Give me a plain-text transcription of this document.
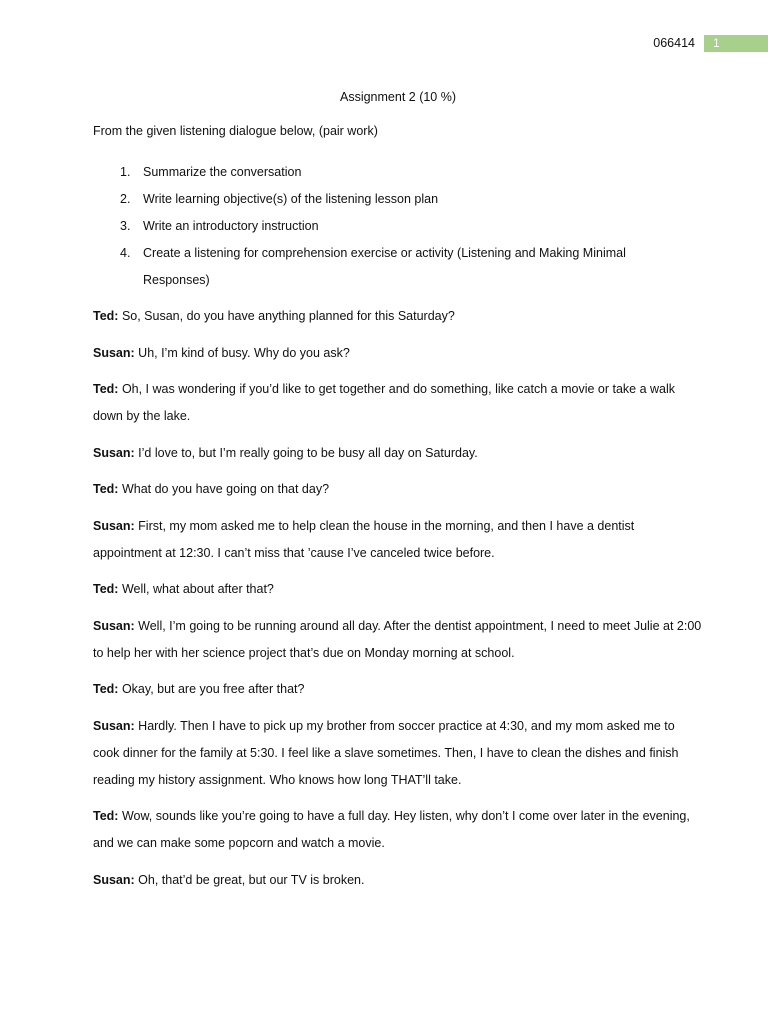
066414	1
Assignment 2 (10 %)
From the given listening dialogue below, (pair work)
1. Summarize the conversation
2. Write learning objective(s) of the listening lesson plan
3. Write an introductory instruction
4. Create a listening for comprehension exercise or activity (Listening and Making Minimal Responses)

Ted: So, Susan, do you have anything planned for this Saturday?

Susan: Uh, I’m kind of busy. Why do you ask?

Ted: Oh, I was wondering if you’d like to get together and do something, like catch a movie or take a walk down by the lake.

Susan: I’d love to, but I’m really going to be busy all day on Saturday.

Ted: What do you have going on that day?

Susan: First, my mom asked me to help clean the house in the morning, and then I have a dentist appointment at 12:30. I can’t miss that ’cause I’ve canceled twice before.

Ted: Well, what about after that?

Susan: Well, I’m going to be running around all day. After the dentist appointment, I need to meet Julie at 2:00 to help her with her science project that’s due on Monday morning at school.

Ted: Okay, but are you free after that?

Susan: Hardly. Then I have to pick up my brother from soccer practice at 4:30, and my mom asked me to cook dinner for the family at 5:30. I feel like a slave sometimes. Then, I have to clean the dishes and finish reading my history assignment. Who knows how long THAT’ll take.

Ted: Wow, sounds like you’re going to have a full day. Hey listen, why don’t I come over later in the evening, and we can make some popcorn and watch a movie.

Susan: Oh, that’d be great, but our TV is broken.
